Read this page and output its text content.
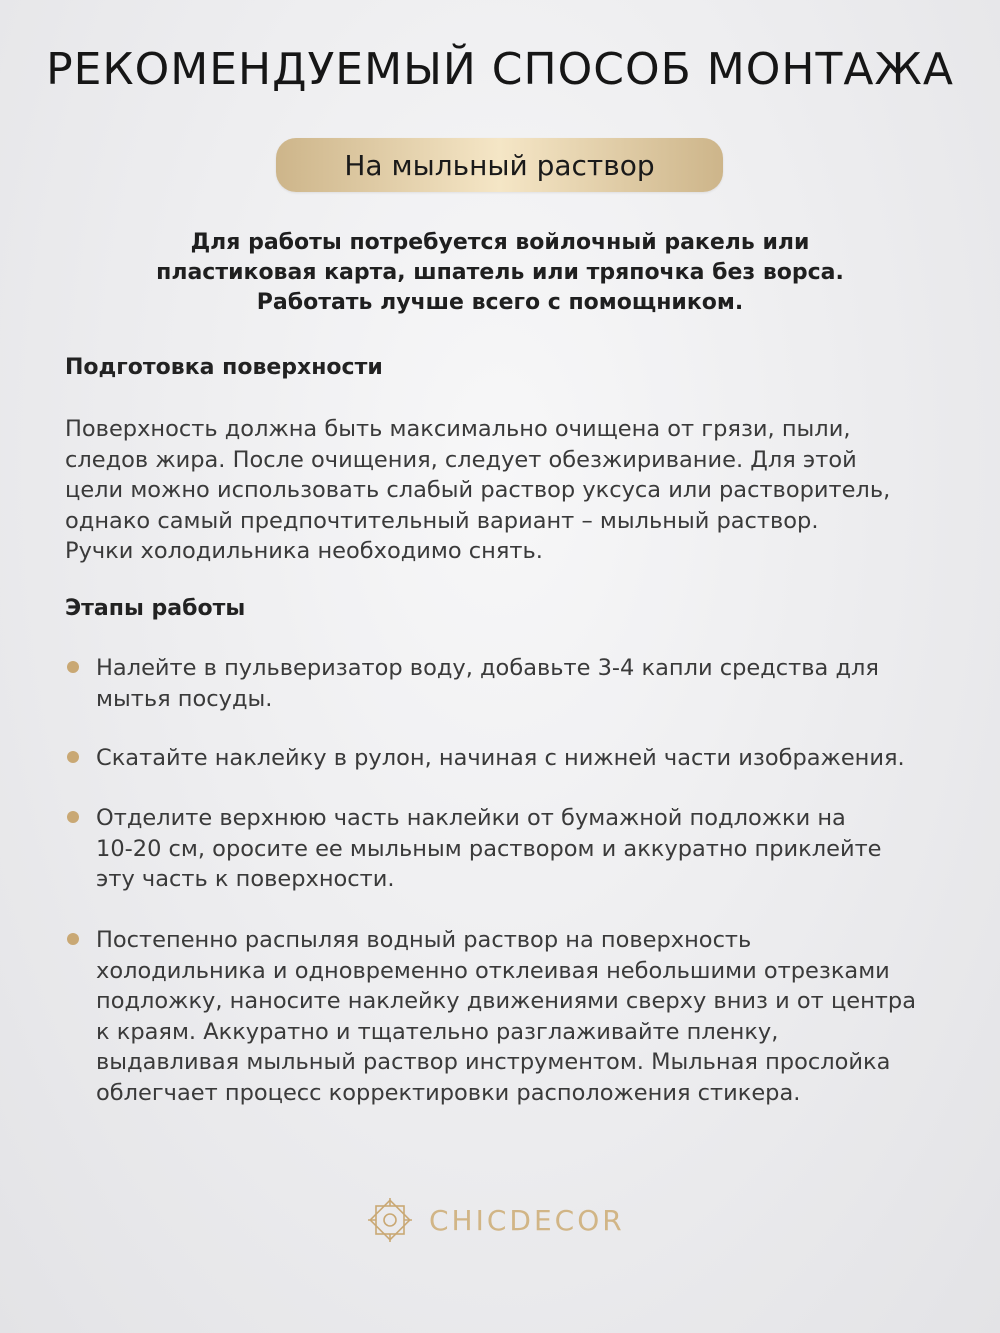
РЕКОМЕНДУЕМЫЙ СПОСОБ МОНТАЖА
На мыльный раствор
Для работы потребуется войлочный ракель или
пластиковая карта, шпатель или тряпочка без ворса.
Работать лучше всего с помощником.
Подготовка поверхности
Поверхность должна быть максимально очищена от грязи, пыли,
следов жира. После очищения, следует обезжиривание. Для этой
цели можно использовать слабый раствор уксуса или растворитель,
однако самый предпочтительный вариант – мыльный раствор.
Ручки холодильника необходимо снять.
Этапы работы
Налейте в пульверизатор воду, добавьте 3-4 капли средства для
мытья посуды.
Скатайте наклейку в рулон, начиная с нижней части изображения.
Отделите верхнюю часть наклейки от бумажной подложки на
10-20 см, оросите ее мыльным раствором и аккуратно приклейте
эту часть к поверхности.
Постепенно распыляя водный раствор на поверхность
холодильника и одновременно отклеивая небольшими отрезками
подложку, наносите наклейку движениями сверху вниз и от центра
к краям. Аккуратно и тщательно разглаживайте пленку,
выдавливая мыльный раствор инструментом. Мыльная прослойка
облегчает процесс корректировки расположения стикера.
CHICDECOR
